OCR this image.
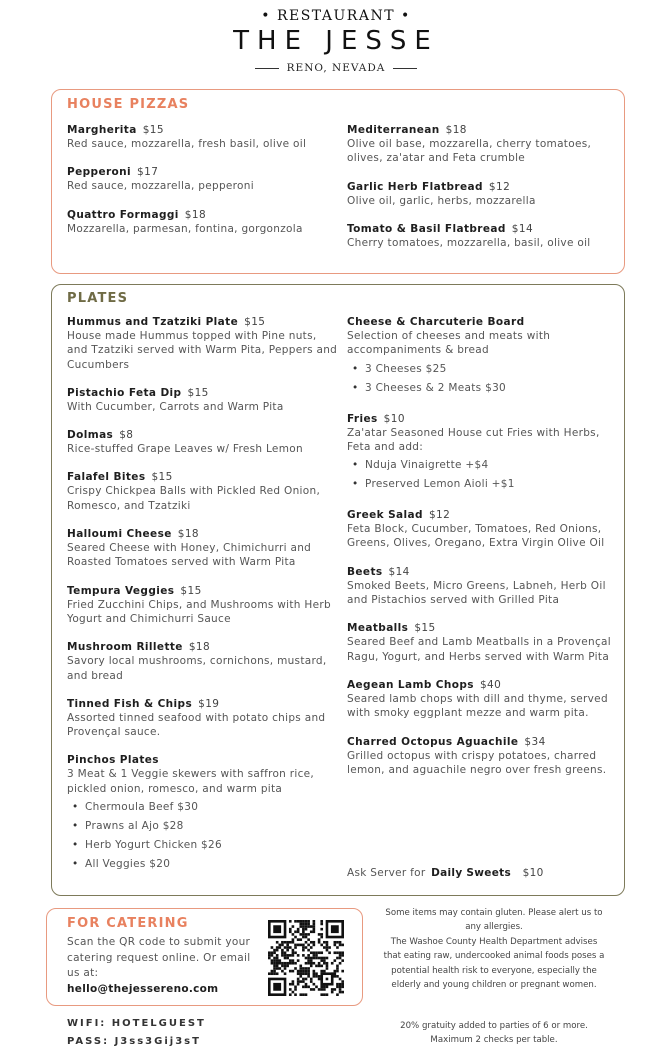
• RESTAURANT •
THE JESSE
RENO, NEVADA
HOUSE PIZZAS
Margherita $15
Red sauce, mozzarella, fresh basil, olive oil
Pepperoni $17
Red sauce, mozzarella, pepperoni
Quattro Formaggi $18
Mozzarella, parmesan, fontina, gorgonzola
Mediterranean $18
Olive oil base, mozzarella, cherry tomatoes, olives, za'atar and Feta crumble
Garlic Herb Flatbread $12
Olive oil, garlic, herbs, mozzarella
Tomato & Basil Flatbread $14
Cherry tomatoes, mozzarella, basil, olive oil
PLATES
Hummus and Tzatziki Plate $15
House made Hummus topped with Pine nuts, and Tzatziki served with Warm Pita, Peppers and Cucumbers
Pistachio Feta Dip $15
With Cucumber, Carrots and Warm Pita
Dolmas $8
Rice-stuffed Grape Leaves w/ Fresh Lemon
Falafel Bites $15
Crispy Chickpea Balls with Pickled Red Onion, Romesco, and Tzatziki
Halloumi Cheese $18
Seared Cheese with Honey, Chimichurri and Roasted Tomatoes served with Warm Pita
Tempura Veggies $15
Fried Zucchini Chips, and Mushrooms with Herb Yogurt and Chimichurri Sauce
Mushroom Rillette $18
Savory local mushrooms, cornichons, mustard, and bread
Tinned Fish & Chips $19
Assorted tinned seafood with potato chips and Provençal sauce.
Pinchos Plates
3 Meat & 1 Veggie skewers with saffron rice, pickled onion, romesco, and warm pita
• Chermoula Beef $30
• Prawns al Ajo $28
• Herb Yogurt Chicken $26
• All Veggies $20
Cheese & Charcuterie Board
Selection of cheeses and meats with accompaniments & bread
• 3 Cheeses $25
• 3 Cheeses & 2 Meats $30
Fries $10
Za'atar Seasoned House cut Fries with Herbs, Feta and add:
• Nduja Vinaigrette +$4
• Preserved Lemon Aioli +$1
Greek Salad $12
Feta Block, Cucumber, Tomatoes, Red Onions, Greens, Olives, Oregano, Extra Virgin Olive Oil
Beets $14
Smoked Beets, Micro Greens, Labneh, Herb Oil and Pistachios served with Grilled Pita
Meatballs $15
Seared Beef and Lamb Meatballs in a Provençal Ragu, Yogurt, and Herbs served with Warm Pita
Aegean Lamb Chops $40
Seared lamb chops with dill and thyme, served with smoky eggplant mezze and warm pita.
Charred Octopus Aguachile $34
Grilled octopus with crispy potatoes, charred lemon, and aguachile negro over fresh greens.
Ask Server for Daily Sweets $10
FOR CATERING
Scan the QR code to submit your catering request online. Or email us at:
hello@thejessereno.com
WIFI: HOTELGUEST
PASS: J3ss3Gij3sT
Some items may contain gluten. Please alert us to any allergies.
The Washoe County Health Department advises that eating raw, undercooked animal foods poses a potential health risk to everyone, especially the elderly and young children or pregnant women.
20% gratuity added to parties of 6 or more. Maximum 2 checks per table.
